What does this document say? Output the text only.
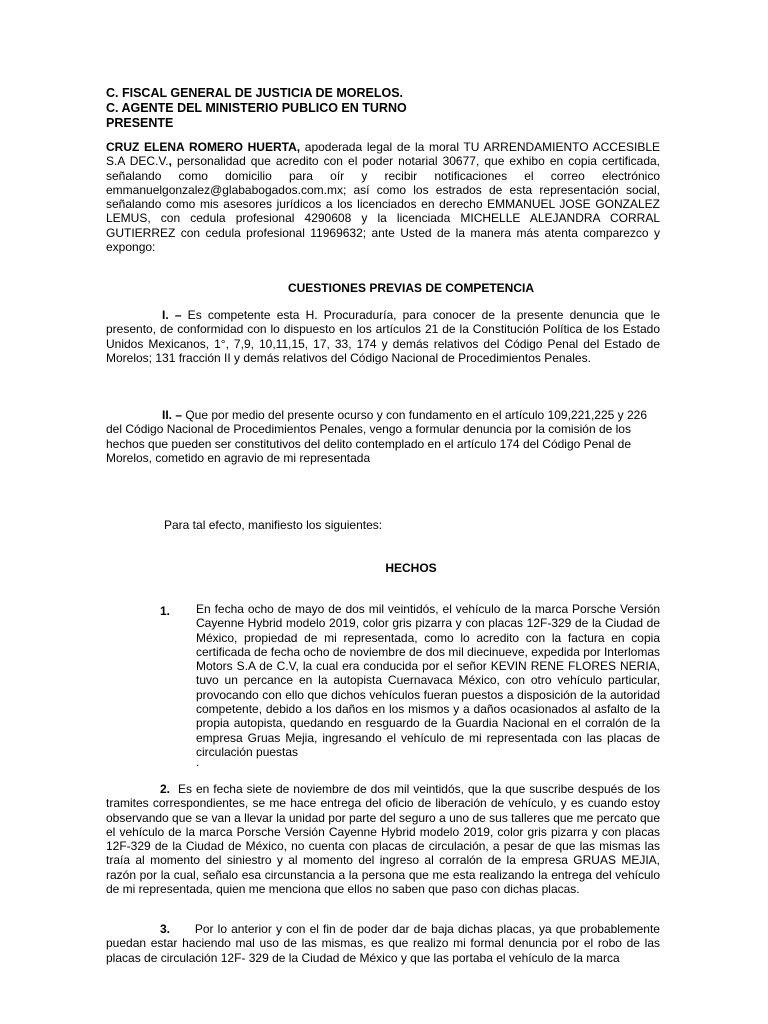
C. FISCAL GENERAL DE JUSTICIA DE MORELOS.
C. AGENTE DEL MINISTERIO PUBLICO EN TURNO
PRESENTE
CRUZ ELENA ROMERO HUERTA, apoderada legal de la moral TU ARRENDAMIENTO ACCESIBLE S.A DEC.V., personalidad que acredito con el poder notarial 30677, que exhibo en copia certificada, señalando como domicilio para oír y recibir notificaciones el correo electrónico emmanuelgonzalez@glababogados.com.mx; así como los estrados de esta representación social, señalando como mis asesores jurídicos a los licenciados en derecho EMMANUEL JOSE GONZALEZ LEMUS, con cedula profesional 4290608 y la licenciada MICHELLE ALEJANDRA CORRAL GUTIERREZ con cedula profesional 11969632; ante Usted de la manera más atenta comparezco y expongo:
CUESTIONES PREVIAS DE COMPETENCIA
I. – Es competente esta H. Procuraduría, para conocer de la presente denuncia que le presento, de conformidad con lo dispuesto en los artículos 21 de la Constitución Política de los Estado Unidos Mexicanos, 1°, 7,9, 10,11,15, 17, 33, 174 y demás relativos del Código Penal del Estado de Morelos; 131 fracción II y demás relativos del Código Nacional de Procedimientos Penales.
II. – Que por medio del presente ocurso y con fundamento en el artículo 109,221,225 y 226 del Código Nacional de Procedimientos Penales, vengo a formular denuncia por la comisión de los hechos que pueden ser constitutivos del delito contemplado en el artículo 174 del Código Penal de Morelos, cometido en agravio de mi representada
Para tal efecto, manifiesto los siguientes:
HECHOS
1. En fecha ocho de mayo de dos mil veintidós, el vehículo de la marca Porsche Versión Cayenne Hybrid modelo 2019, color gris pizarra y con placas 12F-329 de la Ciudad de México, propiedad de mi representada, como lo acredito con la factura en copia certificada de fecha ocho de noviembre de dos mil diecinueve, expedida por Interlomas Motors S.A de C.V, la cual era conducida por el señor KEVIN RENE FLORES NERIA, tuvo un percance en la autopista Cuernavaca México, con otro vehículo particular, provocando con ello que dichos vehículos fueran puestos a disposición de la autoridad competente, debido a los daños en los mismos y a daños ocasionados al asfalto de la propia autopista, quedando en resguardo de la Guardia Nacional en el corralón de la empresa Gruas Mejia, ingresando el vehículo de mi representada con las placas de circulación puestas
.
2. Es en fecha siete de noviembre de dos mil veintidós, que la que suscribe después de los tramites correspondientes, se me hace entrega del oficio de liberación de vehículo, y es cuando estoy observando que se van a llevar la unidad por parte del seguro a uno de sus talleres que me percato que el vehículo de la marca Porsche Versión Cayenne Hybrid modelo 2019, color gris pizarra y con placas 12F-329 de la Ciudad de México, no cuenta con placas de circulación, a pesar de que las mismas las traía al momento del siniestro y al momento del ingreso al corralón de la empresa GRUAS MEJIA, razón por la cual, señalo esa circunstancia a la persona que me esta realizando la entrega del vehículo de mi representada, quien me menciona que ellos no saben que paso con dichas placas.
3. Por lo anterior y con el fin de poder dar de baja dichas placas, ya que probablemente puedan estar haciendo mal uso de las mismas, es que realizo mi formal denuncia por el robo de las placas de circulación 12F- 329 de la Ciudad de México y que las portaba el vehículo de la marca
